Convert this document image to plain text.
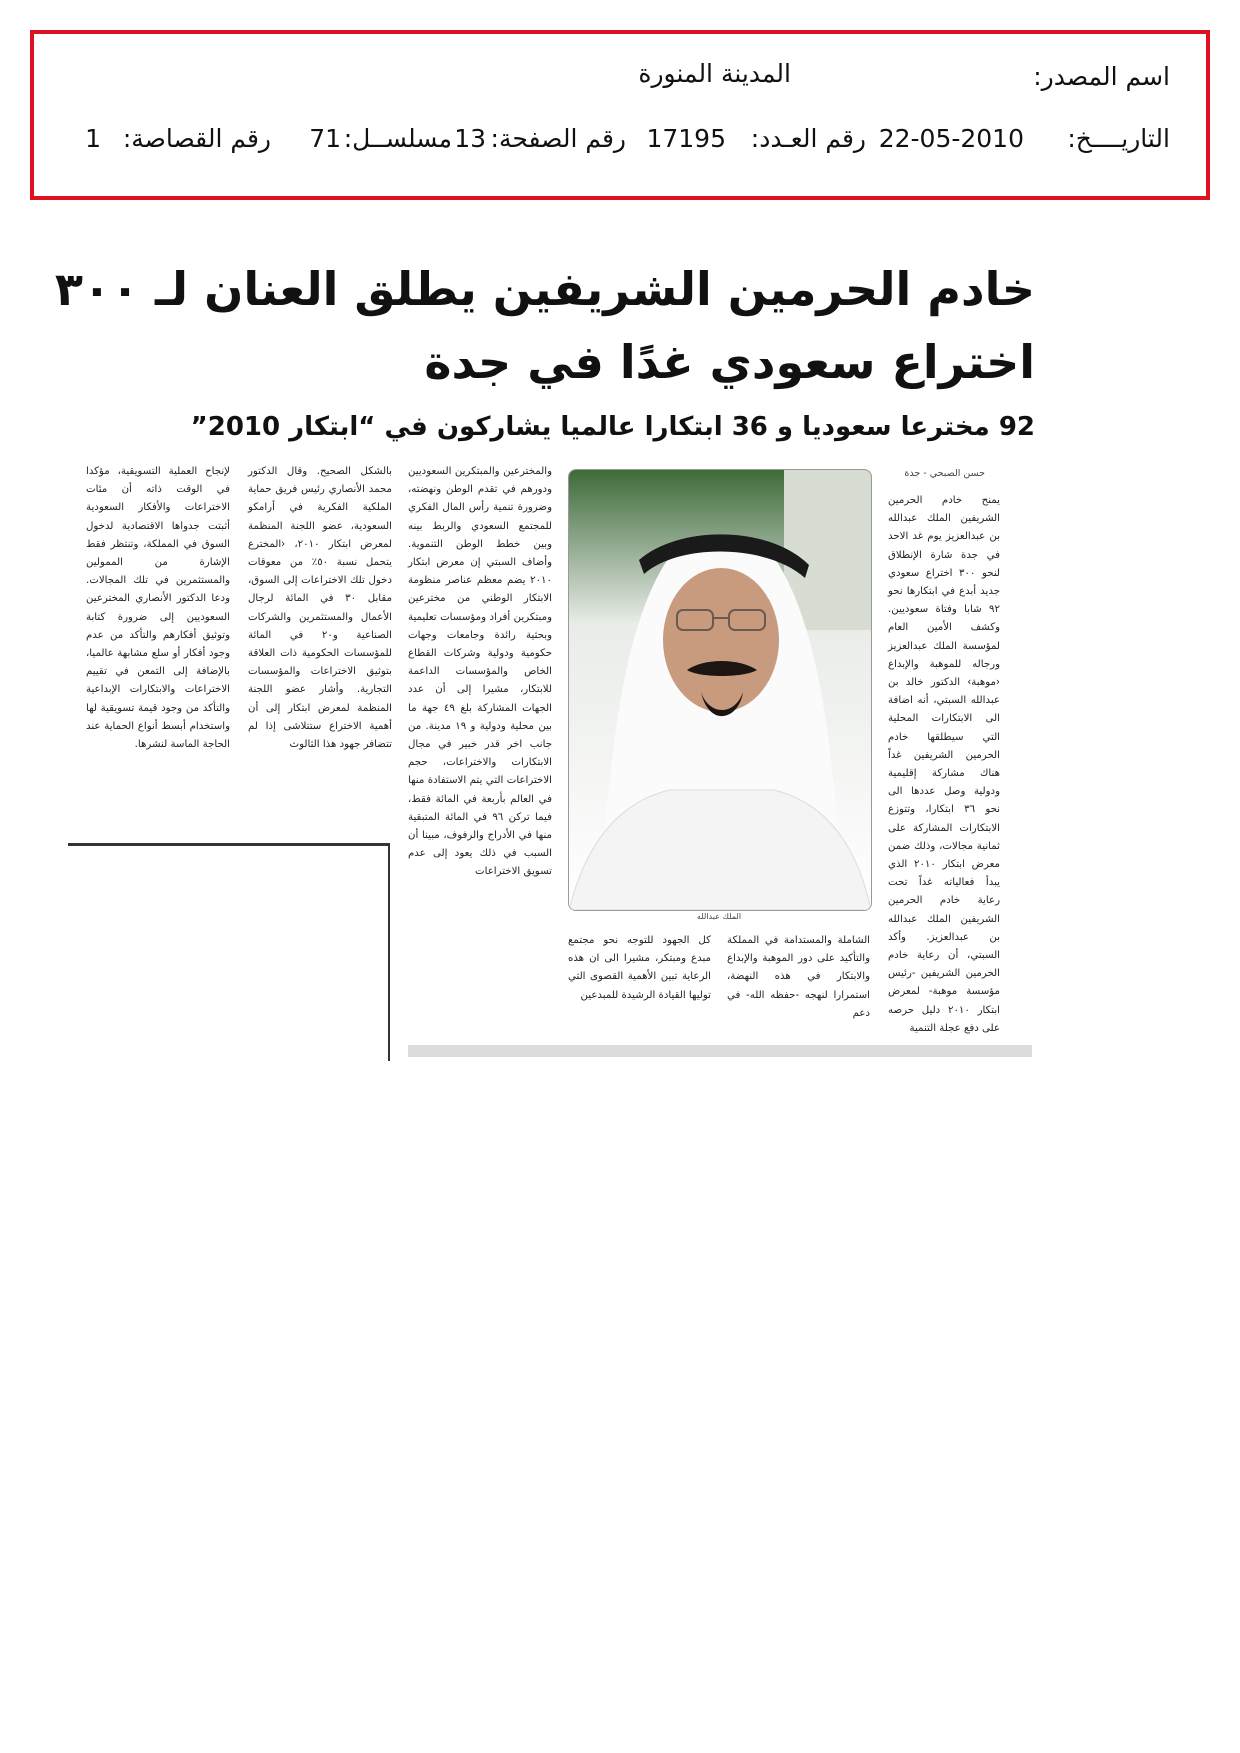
اسم المصدر:
المدينة المنورة
التاريــــخ:
22-05-2010
رقم العـدد:
17195
رقم الصفحة:
13
مسلســل:
71
رقم القصاصة:
1
خادم الحرمين الشريفين يطلق العنان لـ ٣٠٠
اختراع سعودي غدًا في جدة
92 مخترعا سعوديا و 36 ابتكارا عالميا يشاركون في “ابتكار 2010”
حسن الصبحي - جدة
الملك عبدالله

يمنح خادم الحرمين الشريفين الملك عبدالله بن عبدالعزيز يوم غد الاحد في جدة شارة الإنطلاق لنحو ٣٠٠ اختراع سعودي جديد أبدع في ابتكارها نحو ٩٢ شابا وفتاة سعوديين. وكشف الأمين العام لمؤسسة الملك عبدالعزيز ورجاله للموهبة والإبداع ‹موهبة› الدكتور خالد بن عبدالله السبتي، أنه اضافة الى الابتكارات المحلية التي سيطلقها خادم الحرمين الشريفين غداً هناك مشاركة إقليمية ودولية وصل عددها الى نحو ٣٦ ابتكارا، وتتوزع الابتكارات المشاركة على ثمانية مجالات، وذلك ضمن معرض ابتكار ٢٠١٠ الذي يبدأ فعالياته غداً تحت رعاية خادم الحرمين الشريفين الملك عبدالله بن عبدالعزيز. وأكد السبتي، أن رعاية خادم الحرمين الشريفين -رئيس مؤسسة موهبة- لمعرض ابتكار ٢٠١٠ دليل حرصه على دفع عجلة التنمية

الشاملة والمستدامة في المملكة والتأكيد على دور الموهبة والإبداع والابتكار في هذه النهضة، استمرارا لنهجه -حفظه الله- في دعم

كل الجهود للتوجه نحو مجتمع مبدع ومبتكر، مشيرا الى ان هذه الرعاية تبين الأهمية القصوى التي توليها القيادة الرشيدة للمبدعين

والمخترعين والمبتكرين السعوديين ودورهم في تقدم الوطن ونهضته، وضرورة تنمية رأس المال الفكري للمجتمع السعودي والربط بينه وبين خطط الوطن التنموية. وأضاف السبتي إن معرض ابتكار ٢٠١٠ يضم معظم عناصر منظومة الابتكار الوطني من مخترعين ومبتكرين أفراد ومؤسسات تعليمية وبحثية رائدة وجامعات وجهات حكومية ودولية وشركات القطاع الخاص والمؤسسات الداعمة للابتكار، مشيرا إلى أن عدد الجهات المشاركة بلغ ٤٩ جهة ما بين محلية ودولية و ١٩ مدينة. من جانب اخر قدر خبير في مجال الابتكارات والاختراعات، حجم الاختراعات التي يتم الاستفادة منها في العالم بأربعة في المائة فقط، فيما تركن ٩٦ في المائة المتبقية منها في الأدراج والرفوف، مبينا أن السبب في ذلك يعود إلى عدم تسويق الاختراعات

بالشكل الصحيح. وقال الدكتور محمد الأنصاري رئيس فريق حماية الملكية الفكرية في أرامكو السعودية، عضو اللجنة المنظمة لمعرض ابتكار ٢٠١٠، ‹المخترع يتحمل نسبة ٥٠٪ من معوقات دخول تلك الاختراعات إلى السوق، مقابل ٣٠ في المائة لرجال الأعمال والمستثمرين والشركات الصناعية و٢٠ في المائة للمؤسسات الحكومية ذات العلاقة بتوثيق الاختراعات والمؤسسات التجارية. وأشار عضو اللجنة المنظمة لمعرض ابتكار إلى أن أهمية الاختراع ستتلاشى إذا لم تتضافر جهود هذا الثالوث

لإنجاح العملية التسويقية، مؤكدا في الوقت ذاته أن مئات الاختراعات والأفكار السعودية أثبتت جدواها الاقتصادية لدخول السوق في المملكة، وتنتظر فقط الإشارة من الممولين والمستثمرين في تلك المجالات. ودعا الدكتور الأنصاري المخترعين السعوديين إلى ضرورة كتابة وتوثيق أفكارهم والتأكد من عدم وجود أفكار أو سلع مشابهة عالميا، بالإضافة إلى التمعن في تقييم الاختراعات والابتكارات الإبداعية والتأكد من وجود قيمة تسويقية لها واستخدام أبسط أنواع الحماية عند الحاجة الماسة لنشرها.
